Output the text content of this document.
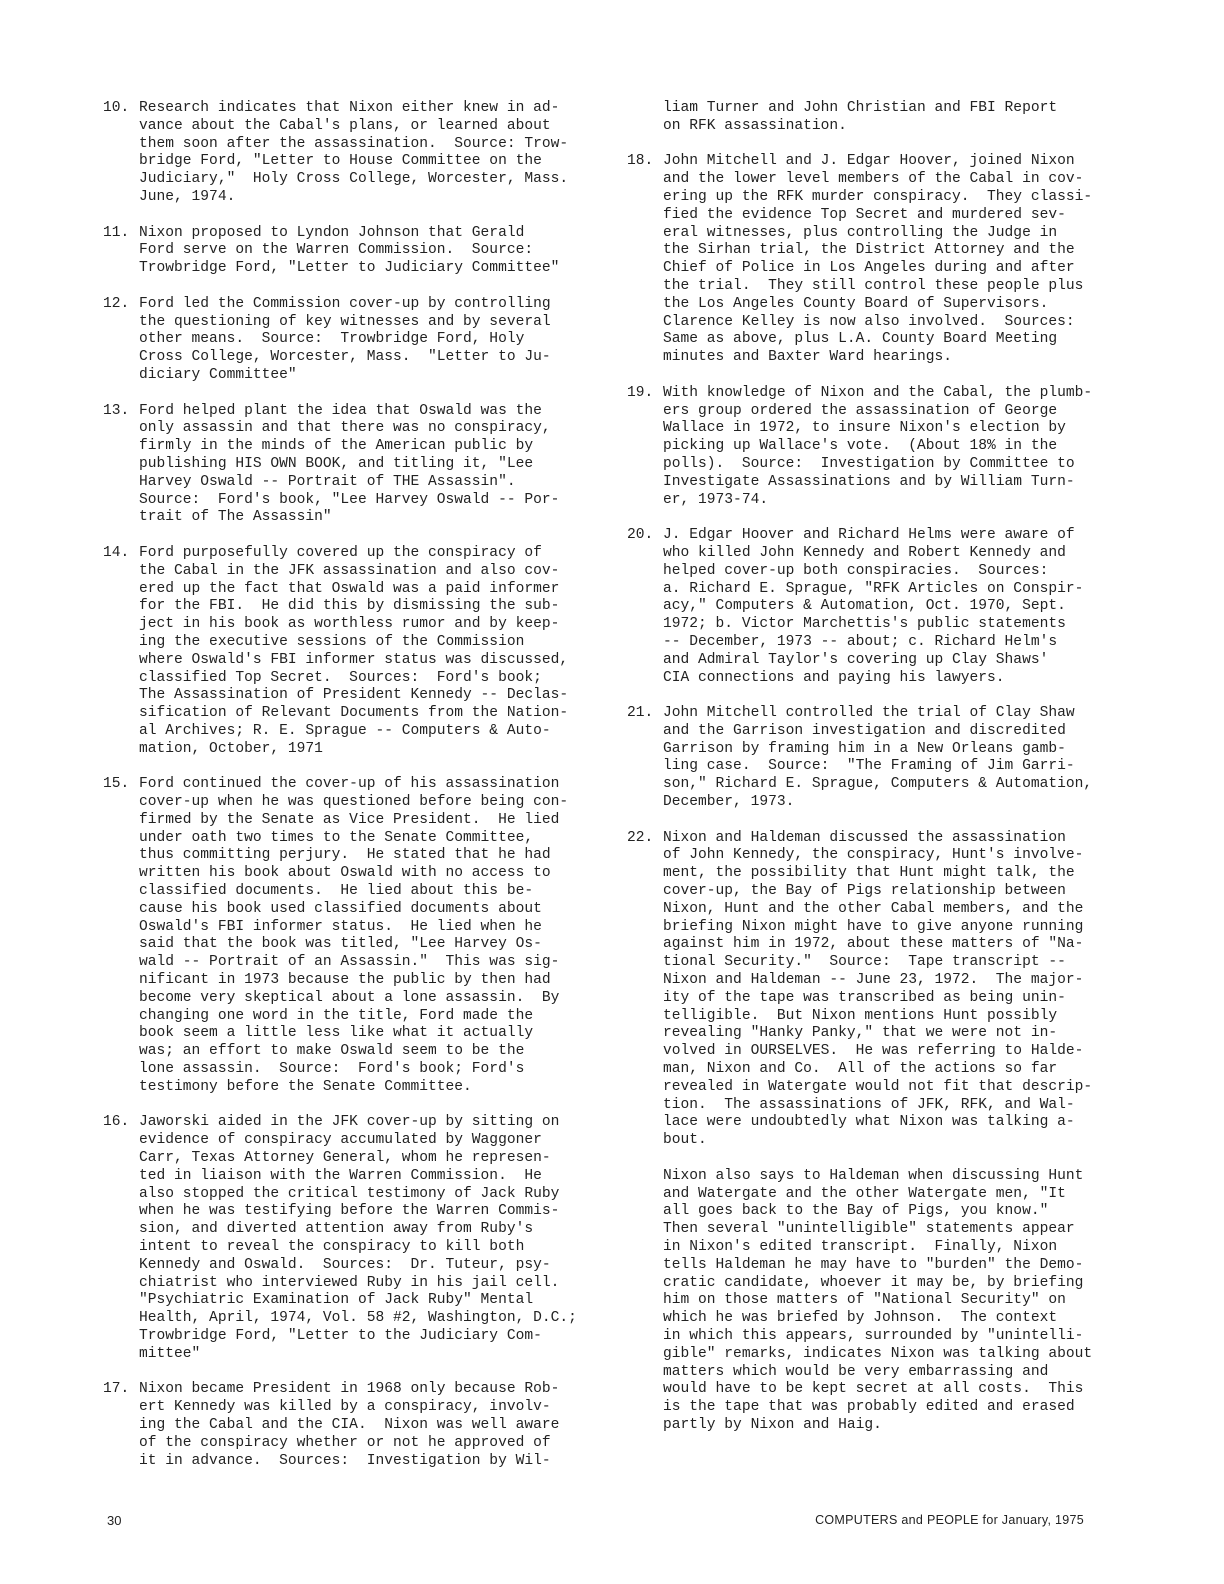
10. Research indicates that Nixon either knew in ad-
vance about the Cabal's plans, or learned about
them soon after the assassination.  Source: Trow-
bridge Ford, "Letter to House Committee on the
Judiciary,"  Holy Cross College, Worcester, Mass.
June, 1974.
11. Nixon proposed to Lyndon Johnson that Gerald
Ford serve on the Warren Commission.  Source:
Trowbridge Ford, "Letter to Judiciary Committee"
12. Ford led the Commission cover-up by controlling
the questioning of key witnesses and by several
other means.  Source:  Trowbridge Ford, Holy
Cross College, Worcester, Mass.  "Letter to Ju-
diciary Committee"
13. Ford helped plant the idea that Oswald was the
only assassin and that there was no conspiracy,
firmly in the minds of the American public by
publishing HIS OWN BOOK, and titling it, "Lee
Harvey Oswald -- Portrait of THE Assassin".
Source:  Ford's book, "Lee Harvey Oswald -- Por-
trait of The Assassin"
14. Ford purposefully covered up the conspiracy of
the Cabal in the JFK assassination and also cov-
ered up the fact that Oswald was a paid informer
for the FBI.  He did this by dismissing the sub-
ject in his book as worthless rumor and by keep-
ing the executive sessions of the Commission
where Oswald's FBI informer status was discussed,
classified Top Secret.  Sources:  Ford's book;
The Assassination of President Kennedy -- Declas-
sification of Relevant Documents from the Nation-
al Archives; R. E. Sprague -- Computers & Auto-
mation, October, 1971
15. Ford continued the cover-up of his assassination
cover-up when he was questioned before being con-
firmed by the Senate as Vice President.  He lied
under oath two times to the Senate Committee,
thus committing perjury.  He stated that he had
written his book about Oswald with no access to
classified documents.  He lied about this be-
cause his book used classified documents about
Oswald's FBI informer status.  He lied when he
said that the book was titled, "Lee Harvey Os-
wald -- Portrait of an Assassin."  This was sig-
nificant in 1973 because the public by then had
become very skeptical about a lone assassin.  By
changing one word in the title, Ford made the
book seem a little less like what it actually
was; an effort to make Oswald seem to be the
lone assassin.  Source:  Ford's book; Ford's
testimony before the Senate Committee.
16. Jaworski aided in the JFK cover-up by sitting on
evidence of conspiracy accumulated by Waggoner
Carr, Texas Attorney General, whom he represen-
ted in liaison with the Warren Commission.  He
also stopped the critical testimony of Jack Ruby
when he was testifying before the Warren Commis-
sion, and diverted attention away from Ruby's
intent to reveal the conspiracy to kill both
Kennedy and Oswald.  Sources:  Dr. Tuteur, psy-
chiatrist who interviewed Ruby in his jail cell.
"Psychiatric Examination of Jack Ruby" Mental
Health, April, 1974, Vol. 58 #2, Washington, D.C.;
Trowbridge Ford, "Letter to the Judiciary Com-
mittee"
17. Nixon became President in 1968 only because Rob-
ert Kennedy was killed by a conspiracy, involv-
ing the Cabal and the CIA.  Nixon was well aware
of the conspiracy whether or not he approved of
it in advance.  Sources:  Investigation by Wil-
liam Turner and John Christian and FBI Report
on RFK assassination.
18. John Mitchell and J. Edgar Hoover, joined Nixon
and the lower level members of the Cabal in cov-
ering up the RFK murder conspiracy.  They classi-
fied the evidence Top Secret and murdered sev-
eral witnesses, plus controlling the Judge in
the Sirhan trial, the District Attorney and the
Chief of Police in Los Angeles during and after
the trial.  They still control these people plus
the Los Angeles County Board of Supervisors.
Clarence Kelley is now also involved.  Sources:
Same as above, plus L.A. County Board Meeting
minutes and Baxter Ward hearings.
19. With knowledge of Nixon and the Cabal, the plumb-
ers group ordered the assassination of George
Wallace in 1972, to insure Nixon's election by
picking up Wallace's vote.  (About 18% in the
polls).  Source:  Investigation by Committee to
Investigate Assassinations and by William Turn-
er, 1973-74.
20. J. Edgar Hoover and Richard Helms were aware of
who killed John Kennedy and Robert Kennedy and
helped cover-up both conspiracies.  Sources:
a. Richard E. Sprague, "RFK Articles on Conspir-
acy," Computers & Automation, Oct. 1970, Sept.
1972; b. Victor Marchettis's public statements
-- December, 1973 -- about; c. Richard Helm's
and Admiral Taylor's covering up Clay Shaws'
CIA connections and paying his lawyers.
21. John Mitchell controlled the trial of Clay Shaw
and the Garrison investigation and discredited
Garrison by framing him in a New Orleans gamb-
ling case.  Source:  "The Framing of Jim Garri-
son," Richard E. Sprague, Computers & Automation,
December, 1973.
22. Nixon and Haldeman discussed the assassination
of John Kennedy, the conspiracy, Hunt's involve-
ment, the possibility that Hunt might talk, the
cover-up, the Bay of Pigs relationship between
Nixon, Hunt and the other Cabal members, and the
briefing Nixon might have to give anyone running
against him in 1972, about these matters of "Na-
tional Security."  Source:  Tape transcript --
Nixon and Haldeman -- June 23, 1972.  The major-
ity of the tape was transcribed as being unin-
telligible.  But Nixon mentions Hunt possibly
revealing "Hanky Panky," that we were not in-
volved in OURSELVES.  He was referring to Halde-
man, Nixon and Co.  All of the actions so far
revealed in Watergate would not fit that descrip-
tion.  The assassinations of JFK, RFK, and Wal-
lace were undoubtedly what Nixon was talking a-
bout.
Nixon also says to Haldeman when discussing Hunt
and Watergate and the other Watergate men, "It
all goes back to the Bay of Pigs, you know."
Then several "unintelligible" statements appear
in Nixon's edited transcript.  Finally, Nixon
tells Haldeman he may have to "burden" the Demo-
cratic candidate, whoever it may be, by briefing
him on those matters of "National Security" on
which he was briefed by Johnson.  The context
in which this appears, surrounded by "unintelli-
gible" remarks, indicates Nixon was talking about
matters which would be very embarrassing and
would have to be kept secret at all costs.  This
is the tape that was probably edited and erased
partly by Nixon and Haig.
30	COMPUTERS and PEOPLE for January, 1975
